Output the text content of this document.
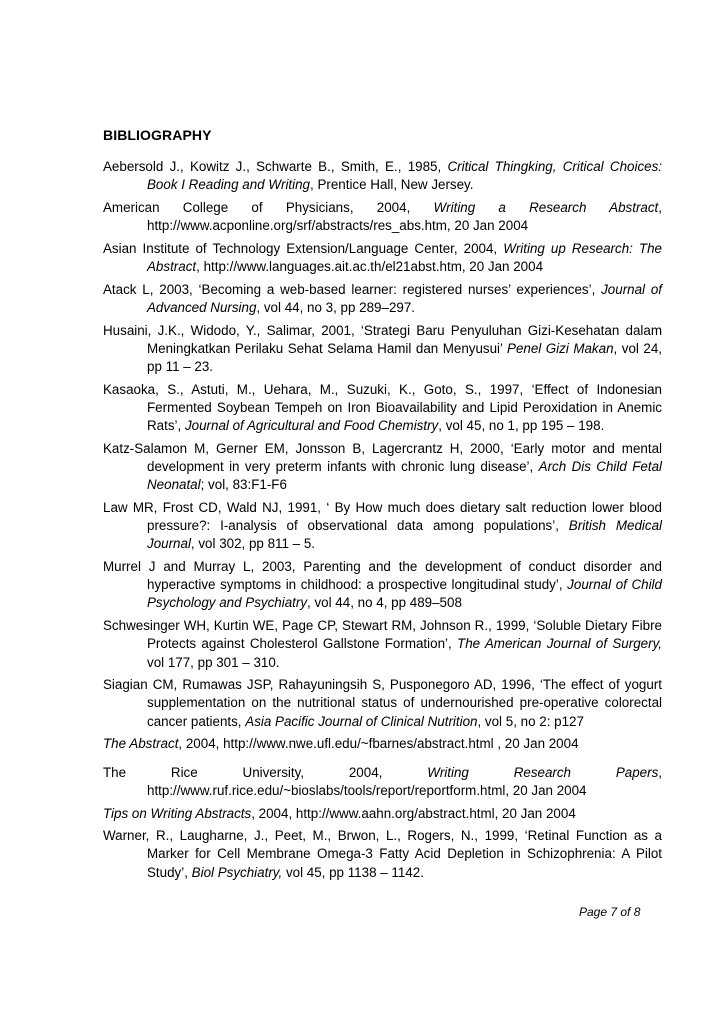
BIBLIOGRAPHY

Aebersold J., Kowitz J., Schwarte B., Smith, E., 1985, Critical Thingking, Critical Choices: Book I Reading and Writing, Prentice Hall, New Jersey.

American College of Physicians, 2004, Writing a Research Abstract, http://www.acponline.org/srf/abstracts/res_abs.htm, 20 Jan 2004

Asian Institute of Technology Extension/Language Center, 2004, Writing up Research: The Abstract, http://www.languages.ait.ac.th/el21abst.htm, 20 Jan 2004

Atack L, 2003, ‘Becoming a web-based learner: registered nurses’ experiences’, Journal of Advanced Nursing, vol 44, no 3, pp 289–297.

Husaini, J.K., Widodo, Y., Salimar, 2001, ‘Strategi Baru Penyuluhan Gizi-Kesehatan dalam Meningkatkan Perilaku Sehat Selama Hamil dan Menyusui’ Penel Gizi Makan, vol 24, pp 11 – 23.

Kasaoka, S., Astuti, M., Uehara, M., Suzuki, K., Goto, S., 1997, ‘Effect of Indonesian Fermented Soybean Tempeh on Iron Bioavailability and Lipid Peroxidation in Anemic Rats’, Journal of Agricultural and Food Chemistry, vol 45, no 1, pp 195 – 198.

Katz-Salamon M, Gerner EM, Jonsson B, Lagercrantz H, 2000, ‘Early motor and mental development in very preterm infants with chronic lung disease’, Arch Dis Child Fetal Neonatal; vol, 83:F1-F6

Law MR, Frost CD, Wald NJ, 1991, ‘ By How much does dietary salt reduction lower blood pressure?: I-analysis of observational data among populations’, British Medical Journal, vol 302, pp 811 – 5.

Murrel J and Murray L, 2003, Parenting and the development of conduct disorder and hyperactive symptoms in childhood: a prospective longitudinal study’, Journal of Child Psychology and Psychiatry, vol 44, no 4, pp 489–508

Schwesinger WH, Kurtin WE, Page CP, Stewart RM, Johnson R., 1999, ‘Soluble Dietary Fibre Protects against Cholesterol Gallstone Formation’, The American Journal of Surgery, vol 177, pp 301 – 310.

Siagian CM, Rumawas JSP, Rahayuningsih S, Pusponegoro AD, 1996, ‘The effect of yogurt supplementation on the nutritional status of undernourished pre-operative colorectal cancer patients, Asia Pacific Journal of Clinical Nutrition, vol 5, no 2: p127

The Abstract, 2004, http://www.nwe.ufl.edu/~fbarnes/abstract.html , 20 Jan 2004

The Rice University, 2004, Writing Research Papers, http://www.ruf.rice.edu/~bioslabs/tools/report/reportform.html, 20 Jan 2004

Tips on Writing Abstracts, 2004, http://www.aahn.org/abstract.html, 20 Jan 2004

Warner, R., Laugharne, J., Peet, M., Brwon, L., Rogers, N., 1999, ‘Retinal Function as a Marker for Cell Membrane Omega-3 Fatty Acid Depletion in Schizophrenia: A Pilot Study’, Biol Psychiatry, vol 45, pp 1138 – 1142.

Page 7 of 8
